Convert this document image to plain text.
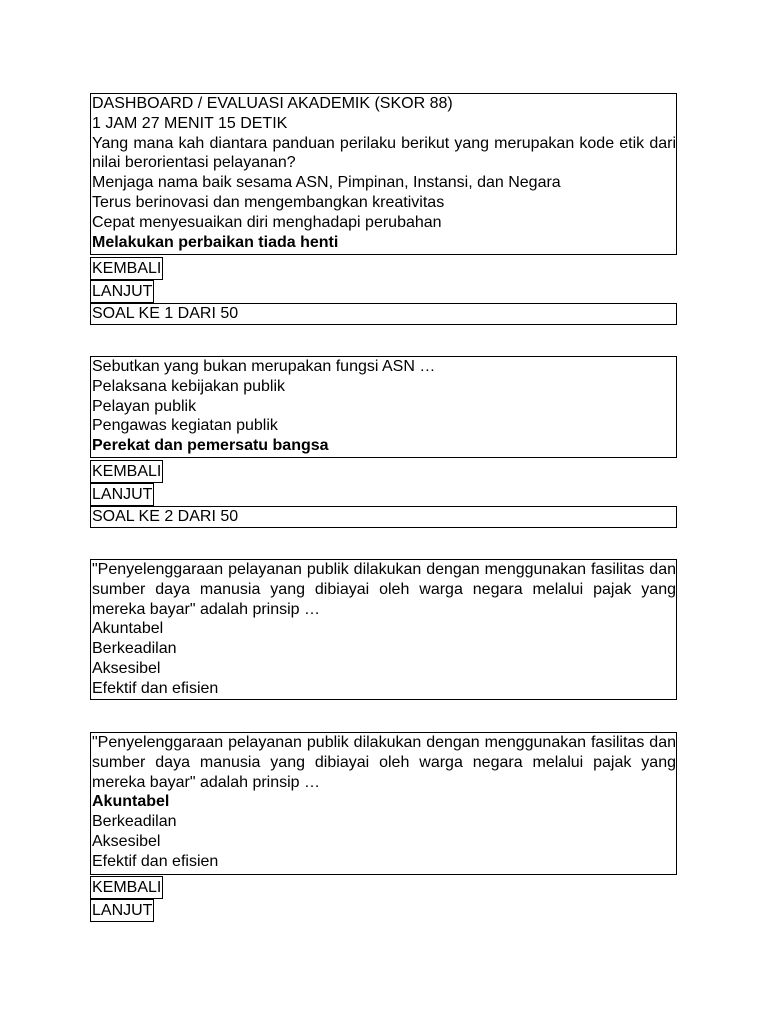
DASHBOARD / EVALUASI AKADEMIK (SKOR 88)
1 JAM 27 MENIT 15 DETIK
Yang mana kah diantara panduan perilaku berikut yang merupakan kode etik dari nilai berorientasi pelayanan?
Menjaga nama baik sesama ASN, Pimpinan, Instansi, dan Negara
Terus berinovasi dan mengembangkan kreativitas
Cepat menyesuaikan diri menghadapi perubahan
Melakukan perbaikan tiada henti
KEMBALI
LANJUT
SOAL KE 1 DARI 50
Sebutkan yang bukan merupakan fungsi ASN …
Pelaksana kebijakan publik
Pelayan publik
Pengawas kegiatan publik
Perekat dan pemersatu bangsa
KEMBALI
LANJUT
SOAL KE 2 DARI 50
"Penyelenggaraan pelayanan publik dilakukan dengan menggunakan fasilitas dan sumber daya manusia yang dibiayai oleh warga negara melalui pajak yang mereka bayar" adalah prinsip …
Akuntabel
Berkeadilan
Aksesibel
Efektif dan efisien
"Penyelenggaraan pelayanan publik dilakukan dengan menggunakan fasilitas dan sumber daya manusia yang dibiayai oleh warga negara melalui pajak yang mereka bayar" adalah prinsip …
Akuntabel
Berkeadilan
Aksesibel
Efektif dan efisien
KEMBALI
LANJUT
